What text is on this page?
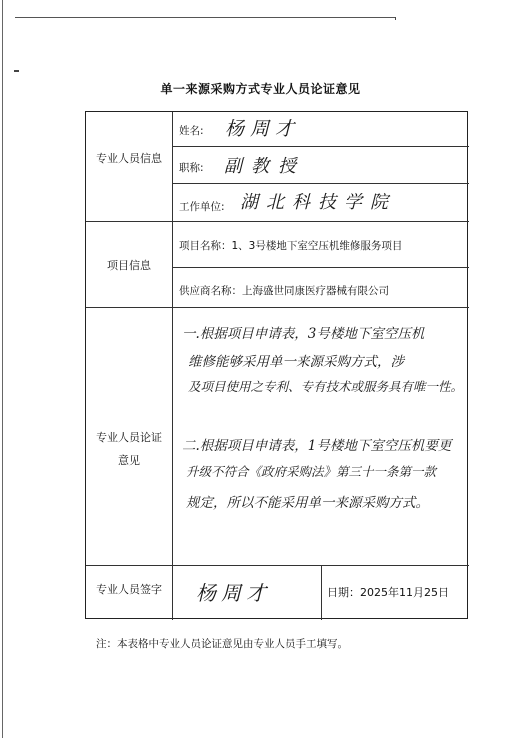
单一来源采购方式专业人员论证意见
专业人员信息
姓名: 杨周才
职称: 副教授
工作单位: 湖北科技学院
项目信息
项目名称：1、3号楼地下室空压机维修服务项目
供应商名称：上海盛世同康医疗器械有限公司
专业人员论证
意见
一.根据项目申请表，3号楼地下室空压机
维修能够采用单一来源采购方式，涉
及项目使用之专利、专有技术或服务具有唯一性。
二.根据项目申请表，1号楼地下室空压机要更
升级不符合《政府采购法》第三十一条第一款
规定，所以不能采用单一来源采购方式。
专业人员签字	杨周才	日期：2025年11月25日
注：本表格中专业人员论证意见由专业人员手工填写。
